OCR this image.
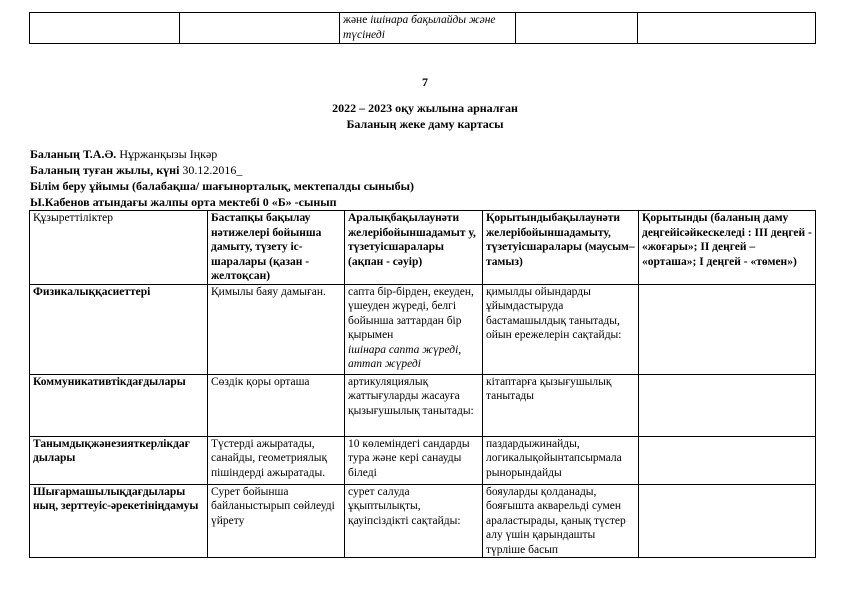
		және ішінара бақылайды және түсінеді		
7
2022 – 2023 оқу жылына арналған
Баланың жеке даму картасы
Баланың Т.А.Ә. Нұржанқызы Іңкәр
Баланың туған жылы, күні 30.12.2016_
Білім беру ұйымы (балабақша/ шағынорталық, мектепалды сыныбы)
Ы.Кабенов атындағы жалпы орта мектебі 0 «Б» -сынып
Құзыреттіліктер	Бастапқы бақылау нәтижелері бойынша дамыту, түзету іс-шаралары (қазан - желтоқсан)	Аралықбақылаунәти желерібойыншадамыт у, түзетуісшаралары (ақпан - сәуір)	Қорытындыбақылаунәти желерібойыншадамыту, түзетуісшаралары (маусым–тамыз)	Қорытынды (баланың даму деңгейісәйкескеледі : ІІІ деңгей - «жоғары»; ІІ деңгей – «орташа»; І деңгей - «төмен»)
Физикалыққасиеттері	Қимылы баяу дамыған.	сапта бір-бірден, екеуден, үшеуден жүреді, белгі бойынша заттардан бір қырымен
ішінара сапта жүреді, аттап жүреді	қимылды ойындарды ұйымдастыруда бастамашылдық танытады, ойын ережелерін сақтайды:	
Коммуникативтікдағдылары	Сөздік қоры орташа	артикуляциялық жаттығуларды жасауға қызығушылық танытады:	кітаптарға қызығушылық танытады	
Танымдықжәнезияткерлікдағ дылары	Түстерді ажыратады, санайды, геометриялық пішіндерді ажыратады.	10 көлеміндегі сандарды тура және кері санауды біледі	паздардыжинайды, логикалықойынтапсырмала рынорындайды	
Шығармашылықдағдылары ның, зерттеуіс-әрекетініңдамуы	Сурет бойынша байланыстырып сөйлеуді үйрету	сурет салуда ұқыптылықты, қауіпсіздікті сақтайды:	бояуларды қолданады, бояғышта акварельді сумен араластырады, қанық түстер алу үшін қарындашты түрліше басып	
